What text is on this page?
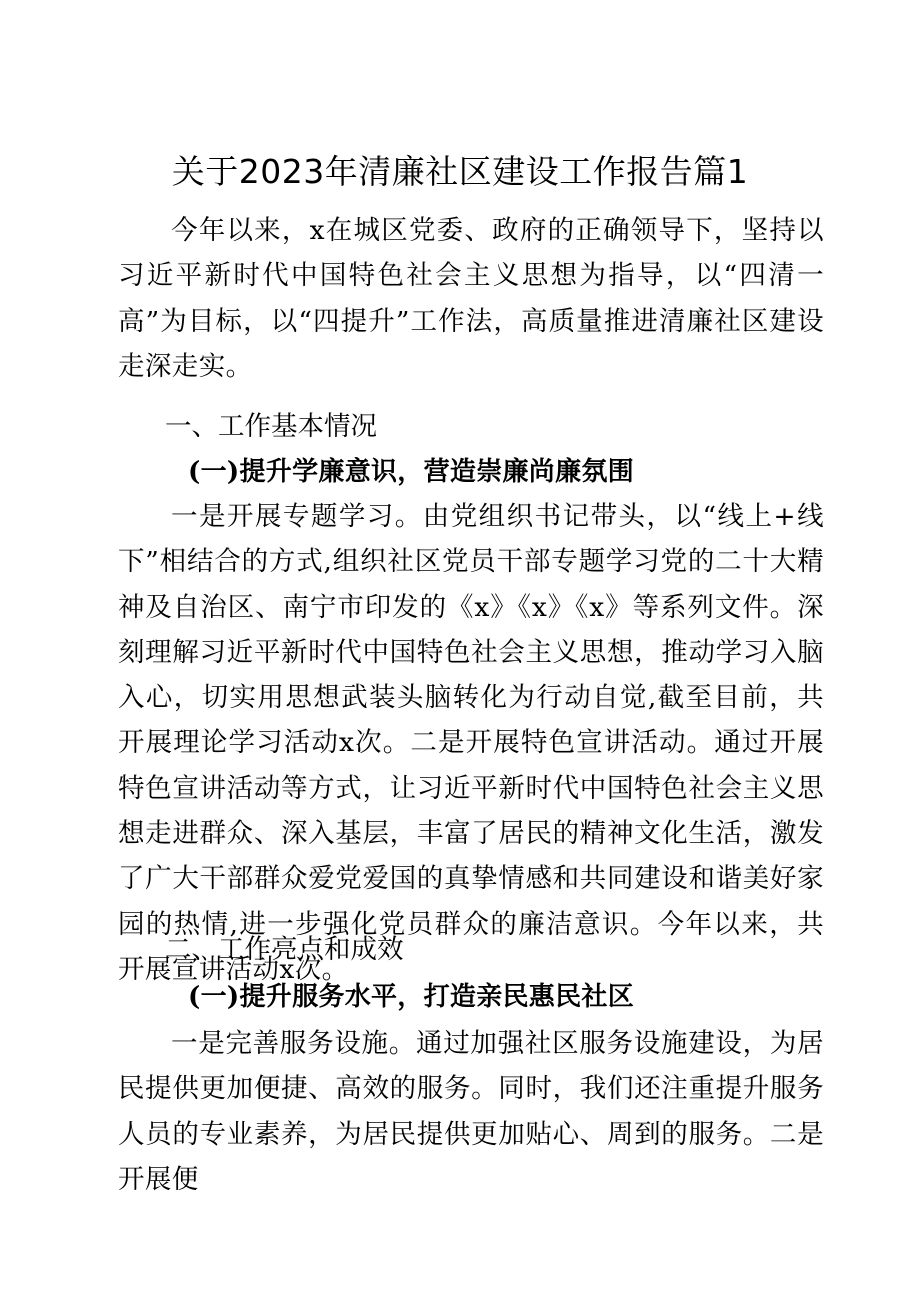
关于2023年清廉社区建设工作报告篇1
今年以来，x在城区党委、政府的正确领导下，坚持以习近平新时代中国特色社会主义思想为指导，以“四清一高”为目标，以“四提升”工作法，高质量推进清廉社区建设走深走实。
一、工作基本情况
(一)提升学廉意识，营造崇廉尚廉氛围
一是开展专题学习。由党组织书记带头，以“线上+线下”相结合的方式,组织社区党员干部专题学习党的二十大精神及自治区、南宁市印发的《x》《x》《x》等系列文件。深刻理解习近平新时代中国特色社会主义思想，推动学习入脑入心，切实用思想武装头脑转化为行动自觉,截至目前，共开展理论学习活动x次。二是开展特色宣讲活动。通过开展特色宣讲活动等方式，让习近平新时代中国特色社会主义思想走进群众、深入基层，丰富了居民的精神文化生活，激发了广大干部群众爱党爱国的真挚情感和共同建设和谐美好家园的热情,进一步强化党员群众的廉洁意识。今年以来，共开展宣讲活动x次。
二、工作亮点和成效
(一)提升服务水平，打造亲民惠民社区
一是完善服务设施。通过加强社区服务设施建设，为居民提供更加便捷、高效的服务。同时，我们还注重提升服务人员的专业素养，为居民提供更加贴心、周到的服务。二是开展便
